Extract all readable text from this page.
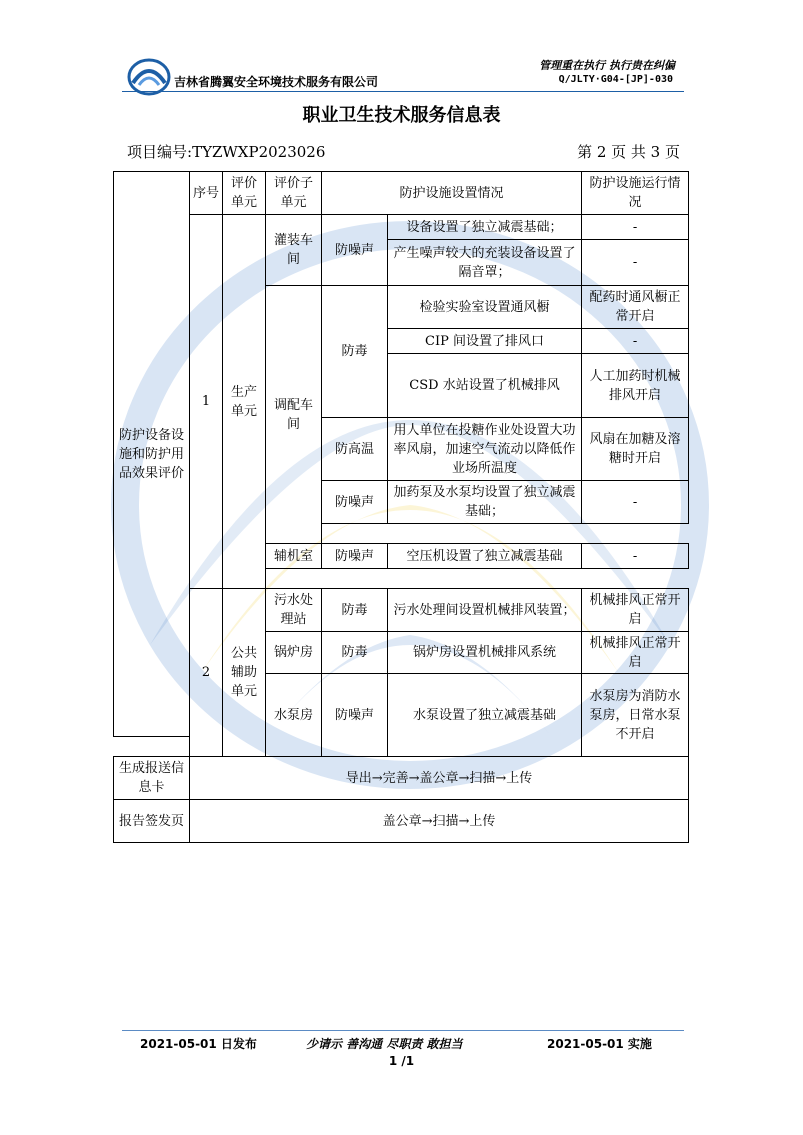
吉林省腾翼安全环境技术服务有限公司
管理重在执行 执行贵在纠偏
Q/JLTY·G04-[JP]-030
职业卫生技术服务信息表
项目编号:TYZWXP2023026	第 2 页 共 3 页
防护设备设施和防护用品效果评价	序号	评价单元	评价子单元	防护设施设置情况		防护设施运行情况
	1	生产单元	灌装车间	防噪声	设备设置了独立减震基础；	-
					产生噪声较大的充装设备设置了隔音罩；	-
			调配车间	防毒	检验实验室设置通风橱	配药时通风橱正常开启
					CIP 间设置了排风口	-
					CSD 水站设置了机械排风	人工加药时机械排风开启

				防高温	用人单位在投糖作业处设置大功率风扇，加速空气流动以降低作业场所温度	风扇在加糖及溶糖时开启
				防噪声	加药泵及水泵均设置了独立减震基础；	-

			辅机室	防噪声	空压机设置了独立减震基础	-

	2	公共辅助单元	污水处理站	防毒	污水处理间设置机械排风装置；	机械排风正常开启
			锅炉房	防毒	锅炉房设置机械排风系统	机械排风正常开启
			水泵房	防噪声	水泵设置了独立减震基础	水泵房为消防水泵房，日常水泵不开启

生成报送信息卡	导出→完善→盖公章→扫描→上传					
报告签发页	盖公章→扫描→上传					
2021-05-01 日发布	少请示 善沟通 尽职责 敢担当	2021-05-01 实施
1 /1
